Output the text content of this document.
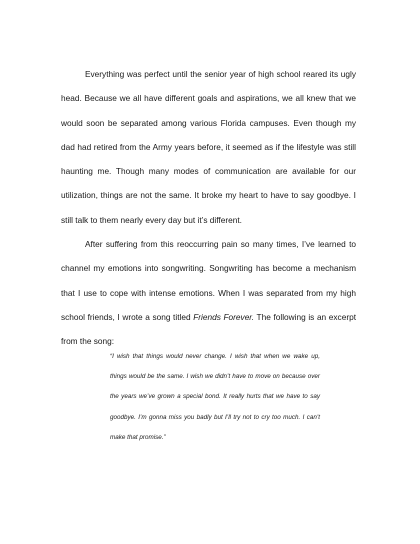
Everything was perfect until the senior year of high school reared its ugly head. Because we all have different goals and aspirations, we all knew that we would soon be separated among various Florida campuses. Even though my dad had retired from the Army years before, it seemed as if the lifestyle was still haunting me. Though many modes of communication are available for our utilization, things are not the same. It broke my heart to have to say goodbye. I still talk to them nearly every day but it’s different.

After suffering from this reoccurring pain so many times, I’ve learned to channel my emotions into songwriting. Songwriting has become a mechanism that I use to cope with intense emotions. When I was separated from my high school friends, I wrote a song titled Friends Forever. The following is an excerpt from the song:

“I wish that things would never change. I wish that when we wake up, things would be the same. I wish we didn’t have to move on because over the years we’ve grown a special bond. It really hurts that we have to say goodbye. I’m gonna miss you badly but I’ll try not to cry too much. I can’t make that promise.”
